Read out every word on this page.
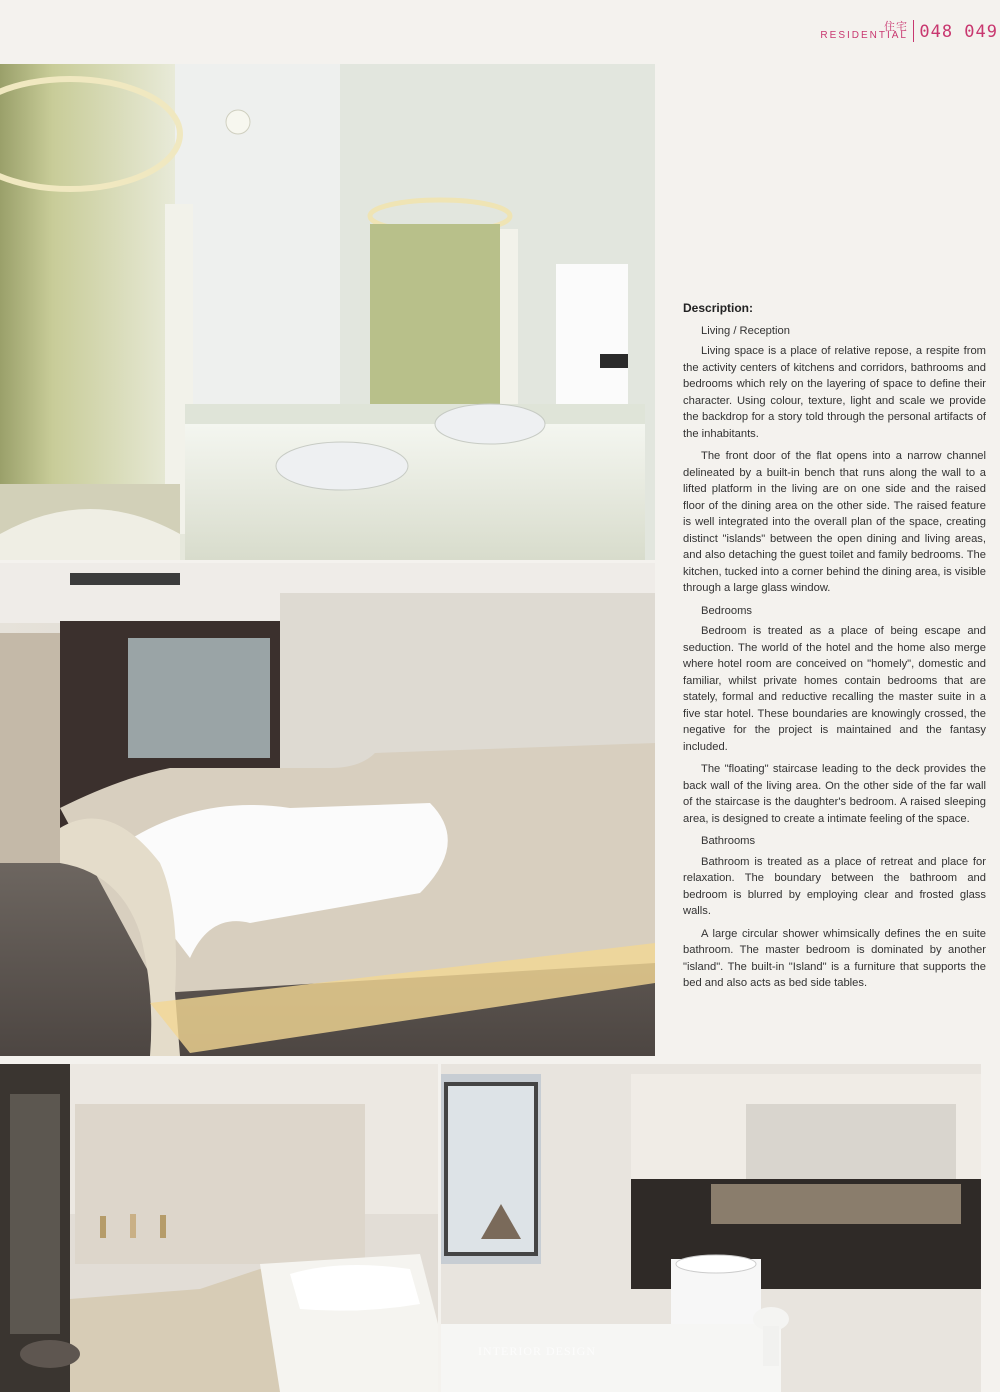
住宅
RESIDENTIAL 048 049
Description:
Living / Reception

Living space is a place of relative repose, a respite from the activity centers of kitchens and corridors, bathrooms and bedrooms which rely on the layering of space to define their character. Using colour, texture, light and scale we provide the backdrop for a story told through the personal artifacts of the inhabitants.

The front door of the flat opens into a narrow channel delineated by a built-in bench that runs along the wall to a lifted platform in the living are on one side and the raised floor of the dining area on the other side. The raised feature is well integrated into the overall plan of the space, creating distinct "islands" between the open dining and living areas, and also detaching the guest toilet and family bedrooms. The kitchen, tucked into a corner behind the dining area, is visible through a large glass window.

Bedrooms

Bedroom is treated as a place of being escape and seduction. The world of the hotel and the home also merge where hotel room are conceived on "homely", domestic and familiar, whilst private homes contain bedrooms that are stately, formal and reductive recalling the master suite in a five star hotel. These boundaries are knowingly crossed, the negative for the project is maintained and the fantasy included.

The "floating" staircase leading to the deck provides the back wall of the living area. On the other side of the far wall of the staircase is the daughter's bedroom. A raised sleeping area, is designed to create a intimate feeling of the space.

Bathrooms

Bathroom is treated as a place of retreat and place for relaxation. The boundary between the bathroom and bedroom is blurred by employing clear and frosted glass walls.

A large circular shower whimsically defines the en suite bathroom. The master bedroom is dominated by another "island". The built-in "Island" is a furniture that supports the bed and also acts as bed side tables.

INTERIOR DESIGN
